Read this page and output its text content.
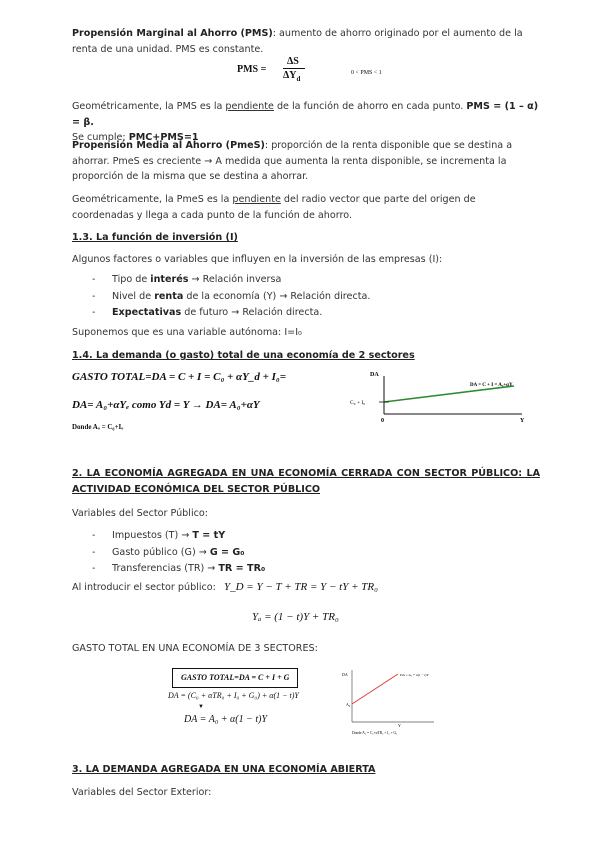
Propensión Marginal al Ahorro (PMS): aumento de ahorro originado por el aumento de la renta de una unidad. PMS es constante.

PMS =
ΔS
$\Delta Y_d$
0 < PMS < 1

Geométricamente, la PMS es la pendiente de la función de ahorro en cada punto. PMS = (1 – α) = β.
Se cumple: PMC+PMS=1

Propensión Media al Ahorro (PmeS): proporción de la renta disponible que se destina a ahorrar. PmeS es creciente → A medida que aumenta la renta disponible, se incrementa la proporción de la misma que se destina a ahorrar.

Geométricamente, la PmeS es la pendiente del radio vector que parte del origen de coordenadas y llega a cada punto de la función de ahorro.

1.3. La función de inversión (I)

Algunos factores o variables que influyen en la inversión de las empresas (I):

- Tipo de interés → Relación inversa
- Nivel de renta de la economía (Y) → Relación directa.
- Expectativas de futuro → Relación directa.

Suponemos que es una variable autónoma: I=I₀

1.4. La demanda (o gasto) total de una economía de 2 sectores

GASTO TOTAL=DA = C + I = C₀ + αY_d + I₀=

DA= A₀+αYₑ como Yd = Y → DA= A₀+αY

Donde Aₒ = C₀+Iₒ

DA
DA = C + I = Aₒ+αY
C₀ + I₀
0	Y

2. LA ECONOMÍA AGREGADA EN UNA ECONOMÍA CERRADA CON SECTOR PÚBLICO: LA ACTIVIDAD ECONÓMICA DEL SECTOR PÚBLICO

Variables del Sector Público:

- Impuestos (T) → T = tY
- Gasto público (G) → G = G₀
- Transferencias (TR) → TR = TR₀

Al introducir el sector público: Y_D = Y − T + TR = Y − tY + TR₀

Yₐ = (1 − t)Y + TR₀

GASTO TOTAL EN UNA ECONOMÍA DE 3 SECTORES:

GASTO TOTAL=DA = C + I + G

DA = (C₀ + αTR₀ + I₀ + G₀) + α(1 − t)Y

▼

DA = A₀ + α(1 − t)Y

DA	DA = A₀ + α(1 − t)Y
A₀
Y
Donde A₀ = C₀+αTR₀ + I₀ + G₀

3. LA DEMANDA AGREGADA EN UNA ECONOMÍA ABIERTA

Variables del Sector Exterior:
